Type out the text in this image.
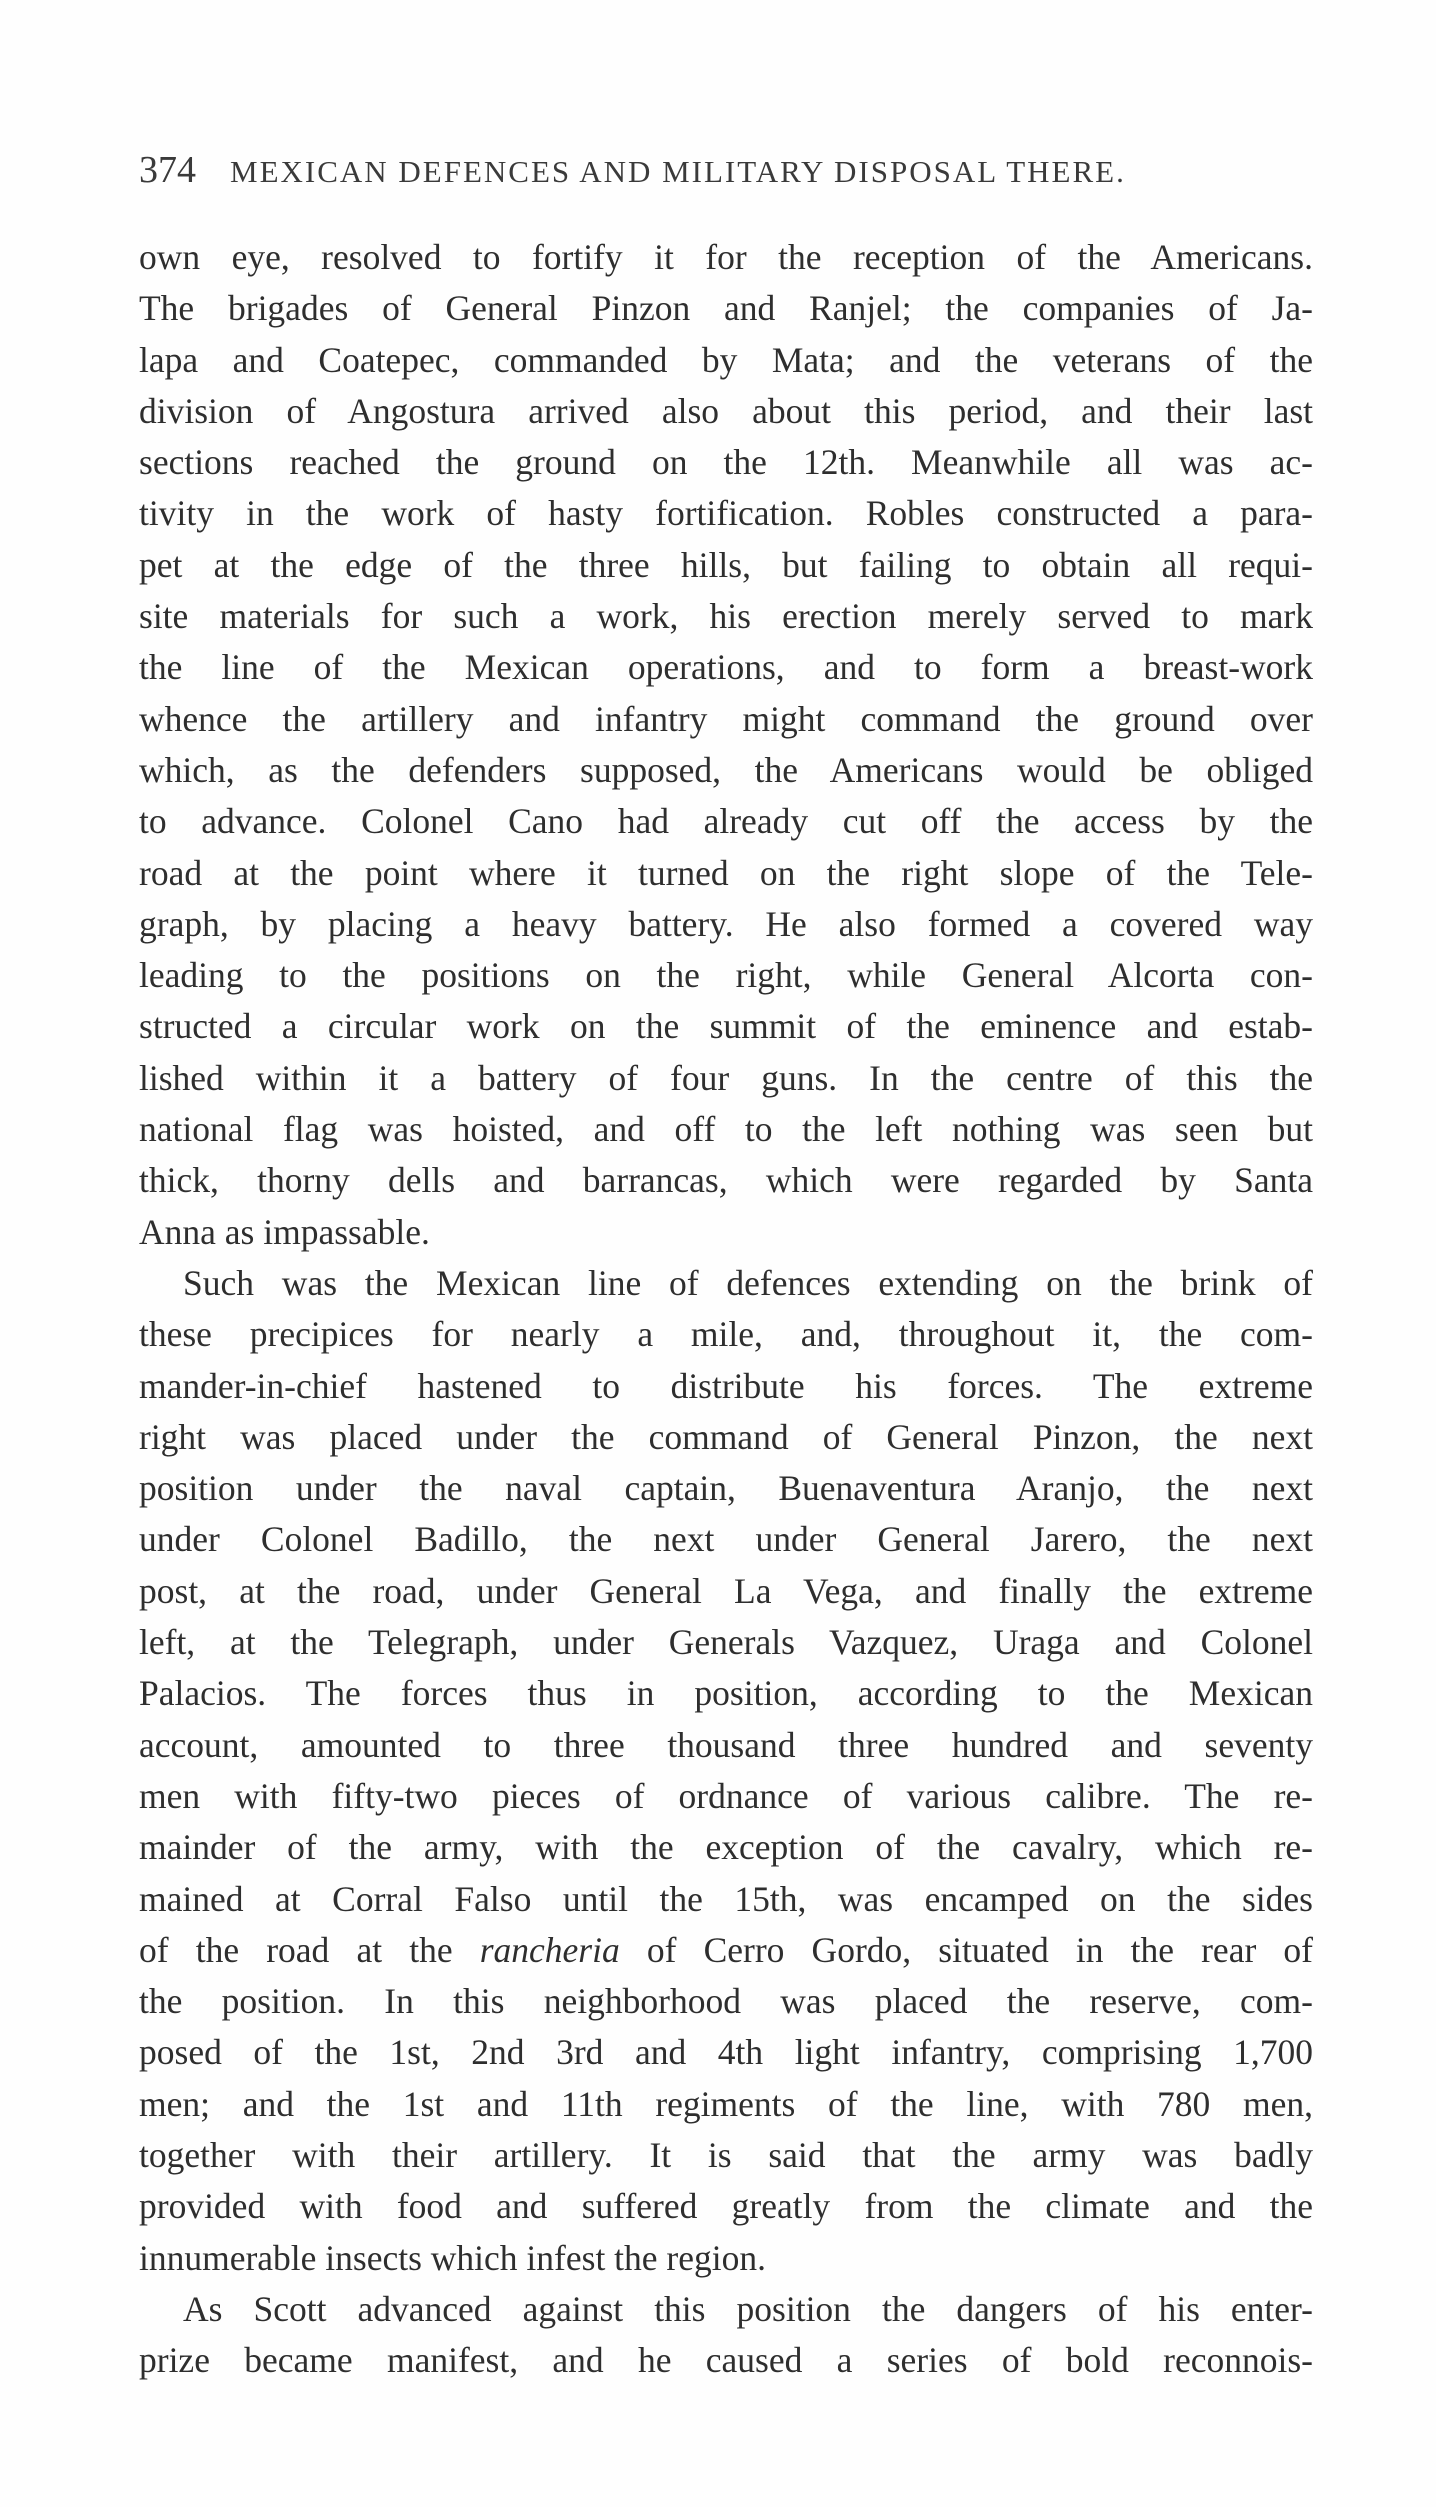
374 MEXICAN DEFENCES AND MILITARY DISPOSAL THERE.
own eye, resolved to fortify it for the reception of the Americans.
The brigades of General Pinzon and Ranjel; the companies of Ja-
lapa and Coatepec, commanded by Mata; and the veterans of the
division of Angostura arrived also about this period, and their last
sections reached the ground on the 12th. Meanwhile all was ac-
tivity in the work of hasty fortification. Robles constructed a para-
pet at the edge of the three hills, but failing to obtain all requi-
site materials for such a work, his erection merely served to mark
the line of the Mexican operations, and to form a breast-work
whence the artillery and infantry might command the ground over
which, as the defenders supposed, the Americans would be obliged
to advance. Colonel Cano had already cut off the access by the
road at the point where it turned on the right slope of the Tele-
graph, by placing a heavy battery. He also formed a covered way
leading to the positions on the right, while General Alcorta con-
structed a circular work on the summit of the eminence and estab-
lished within it a battery of four guns. In the centre of this the
national flag was hoisted, and off to the left nothing was seen but
thick, thorny dells and barrancas, which were regarded by Santa
Anna as impassable.
Such was the Mexican line of defences extending on the brink of
these precipices for nearly a mile, and, throughout it, the com-
mander-in-chief hastened to distribute his forces. The extreme
right was placed under the command of General Pinzon, the next
position under the naval captain, Buenaventura Aranjo, the next
under Colonel Badillo, the next under General Jarero, the next
post, at the road, under General La Vega, and finally the extreme
left, at the Telegraph, under Generals Vazquez, Uraga and Colonel
Palacios. The forces thus in position, according to the Mexican
account, amounted to three thousand three hundred and seventy
men with fifty-two pieces of ordnance of various calibre. The re-
mainder of the army, with the exception of the cavalry, which re-
mained at Corral Falso until the 15th, was encamped on the sides
of the road at the rancheria of Cerro Gordo, situated in the rear of
the position. In this neighborhood was placed the reserve, com-
posed of the 1st, 2nd 3rd and 4th light infantry, comprising 1,700
men; and the 1st and 11th regiments of the line, with 780 men,
together with their artillery. It is said that the army was badly
provided with food and suffered greatly from the climate and the
innumerable insects which infest the region.
As Scott advanced against this position the dangers of his enter-
prize became manifest, and he caused a series of bold reconnois-
